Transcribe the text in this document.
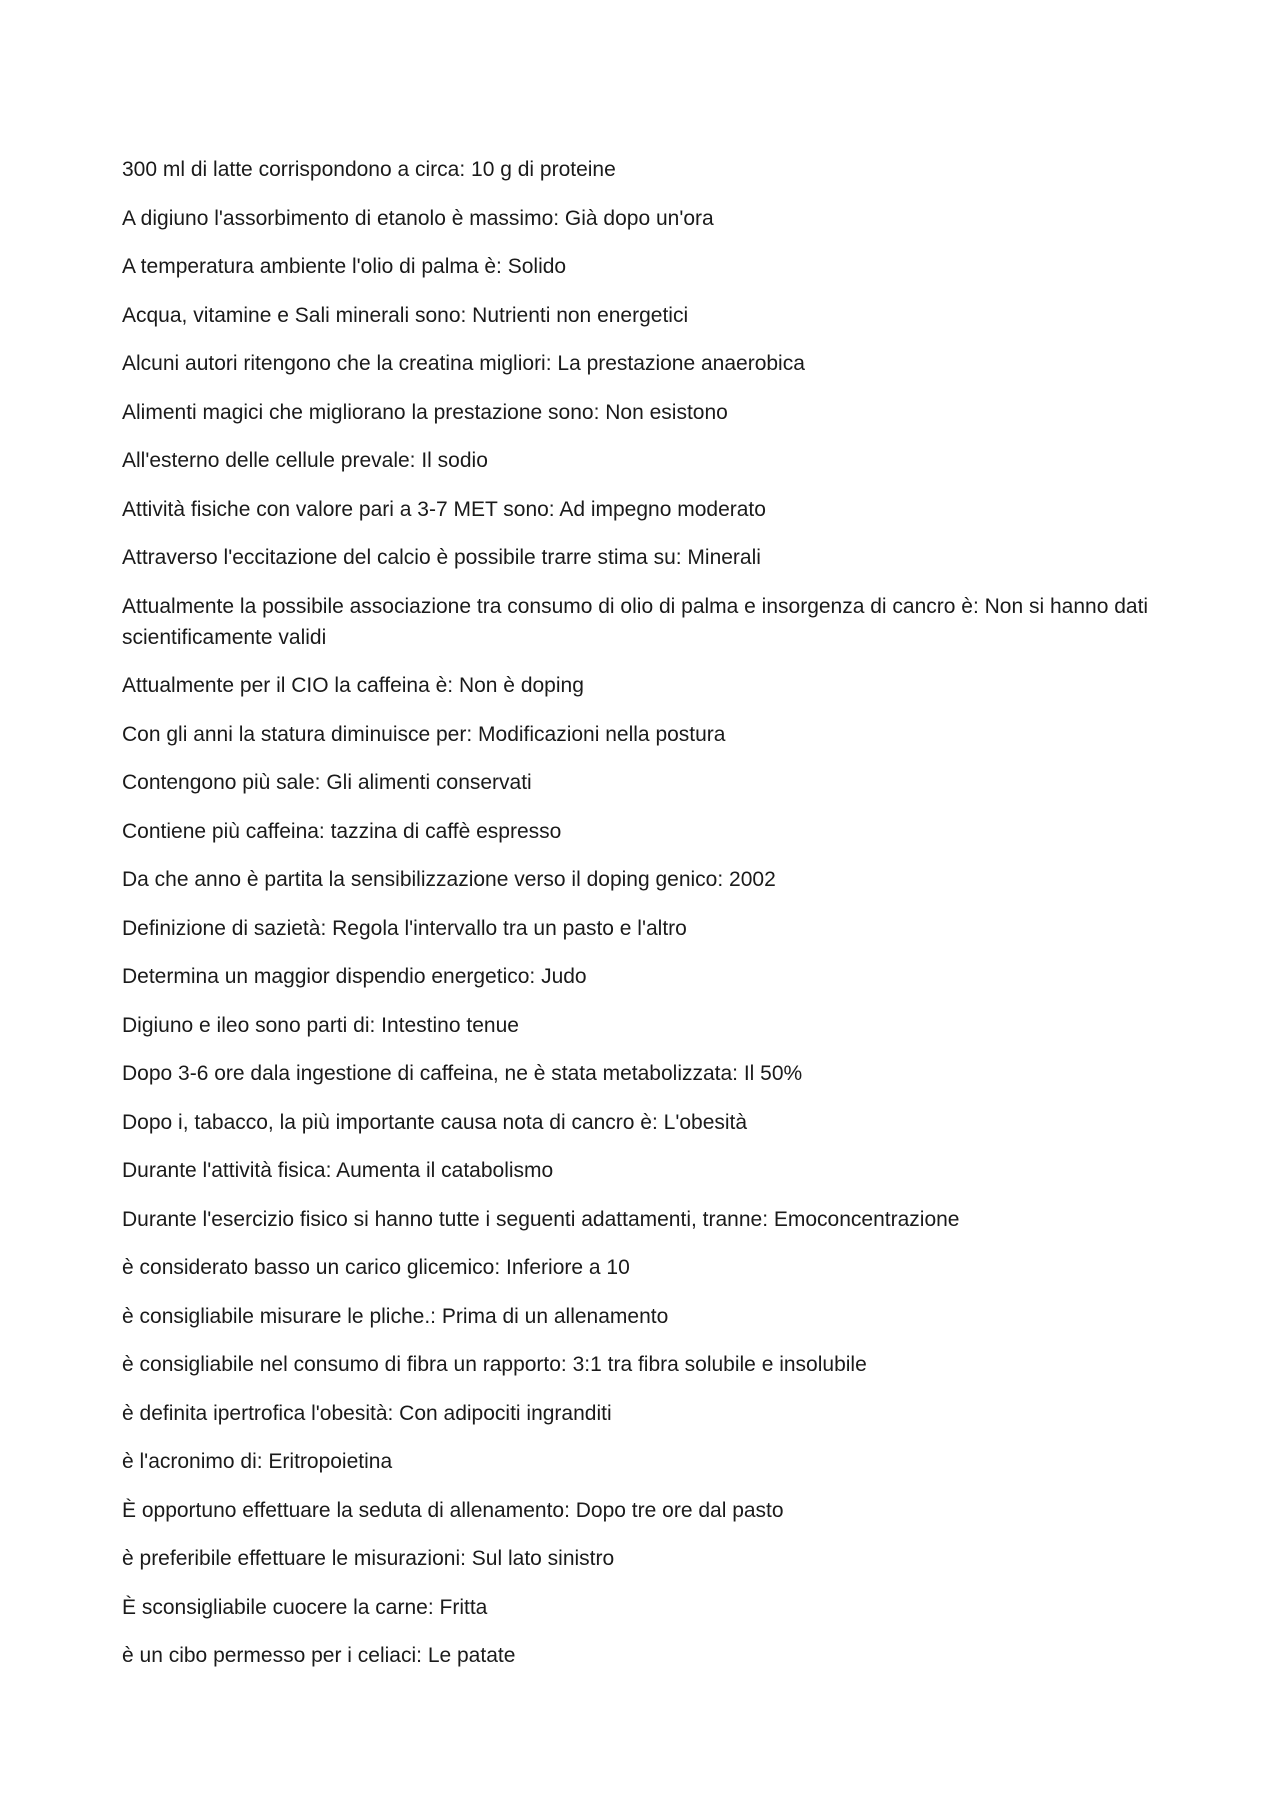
300 ml di latte corrispondono a circa: 10 g di proteine

A digiuno l'assorbimento di etanolo è massimo: Già dopo un'ora

A temperatura ambiente l'olio di palma è: Solido

Acqua, vitamine e Sali minerali sono: Nutrienti non energetici

Alcuni autori ritengono che la creatina migliori: La prestazione anaerobica

Alimenti magici che migliorano la prestazione sono: Non esistono

All'esterno delle cellule prevale: Il sodio

Attività fisiche con valore pari a 3-7 MET sono: Ad impegno moderato

Attraverso l'eccitazione del calcio è possibile trarre stima su: Minerali

Attualmente la possibile associazione tra consumo di olio di palma e insorgenza di cancro è: Non si hanno dati scientificamente validi

Attualmente per il CIO la caffeina è: Non è doping

Con gli anni la statura diminuisce per: Modificazioni nella postura

Contengono più sale: Gli alimenti conservati

Contiene più caffeina: tazzina di caffè espresso

Da che anno è partita la sensibilizzazione verso il doping genico: 2002

Definizione di sazietà: Regola l'intervallo tra un pasto e l'altro

Determina un maggior dispendio energetico: Judo

Digiuno e ileo sono parti di: Intestino tenue

Dopo 3-6 ore dala ingestione di caffeina, ne è stata metabolizzata: Il 50%

Dopo i, tabacco, la più importante causa nota di cancro è: L'obesità

Durante l'attività fisica: Aumenta il catabolismo

Durante l'esercizio fisico si hanno tutte i seguenti adattamenti, tranne: Emoconcentrazione

è considerato basso un carico glicemico: Inferiore a 10

è consigliabile misurare le pliche.: Prima di un allenamento

è consigliabile nel consumo di fibra un rapporto: 3:1 tra fibra solubile e insolubile

è definita ipertrofica l'obesità: Con adipociti ingranditi

è l'acronimo di: Eritropoietina

È opportuno effettuare la seduta di allenamento: Dopo tre ore dal pasto

è preferibile effettuare le misurazioni: Sul lato sinistro

È sconsigliabile cuocere la carne: Fritta

è un cibo permesso per i celiaci: Le patate
